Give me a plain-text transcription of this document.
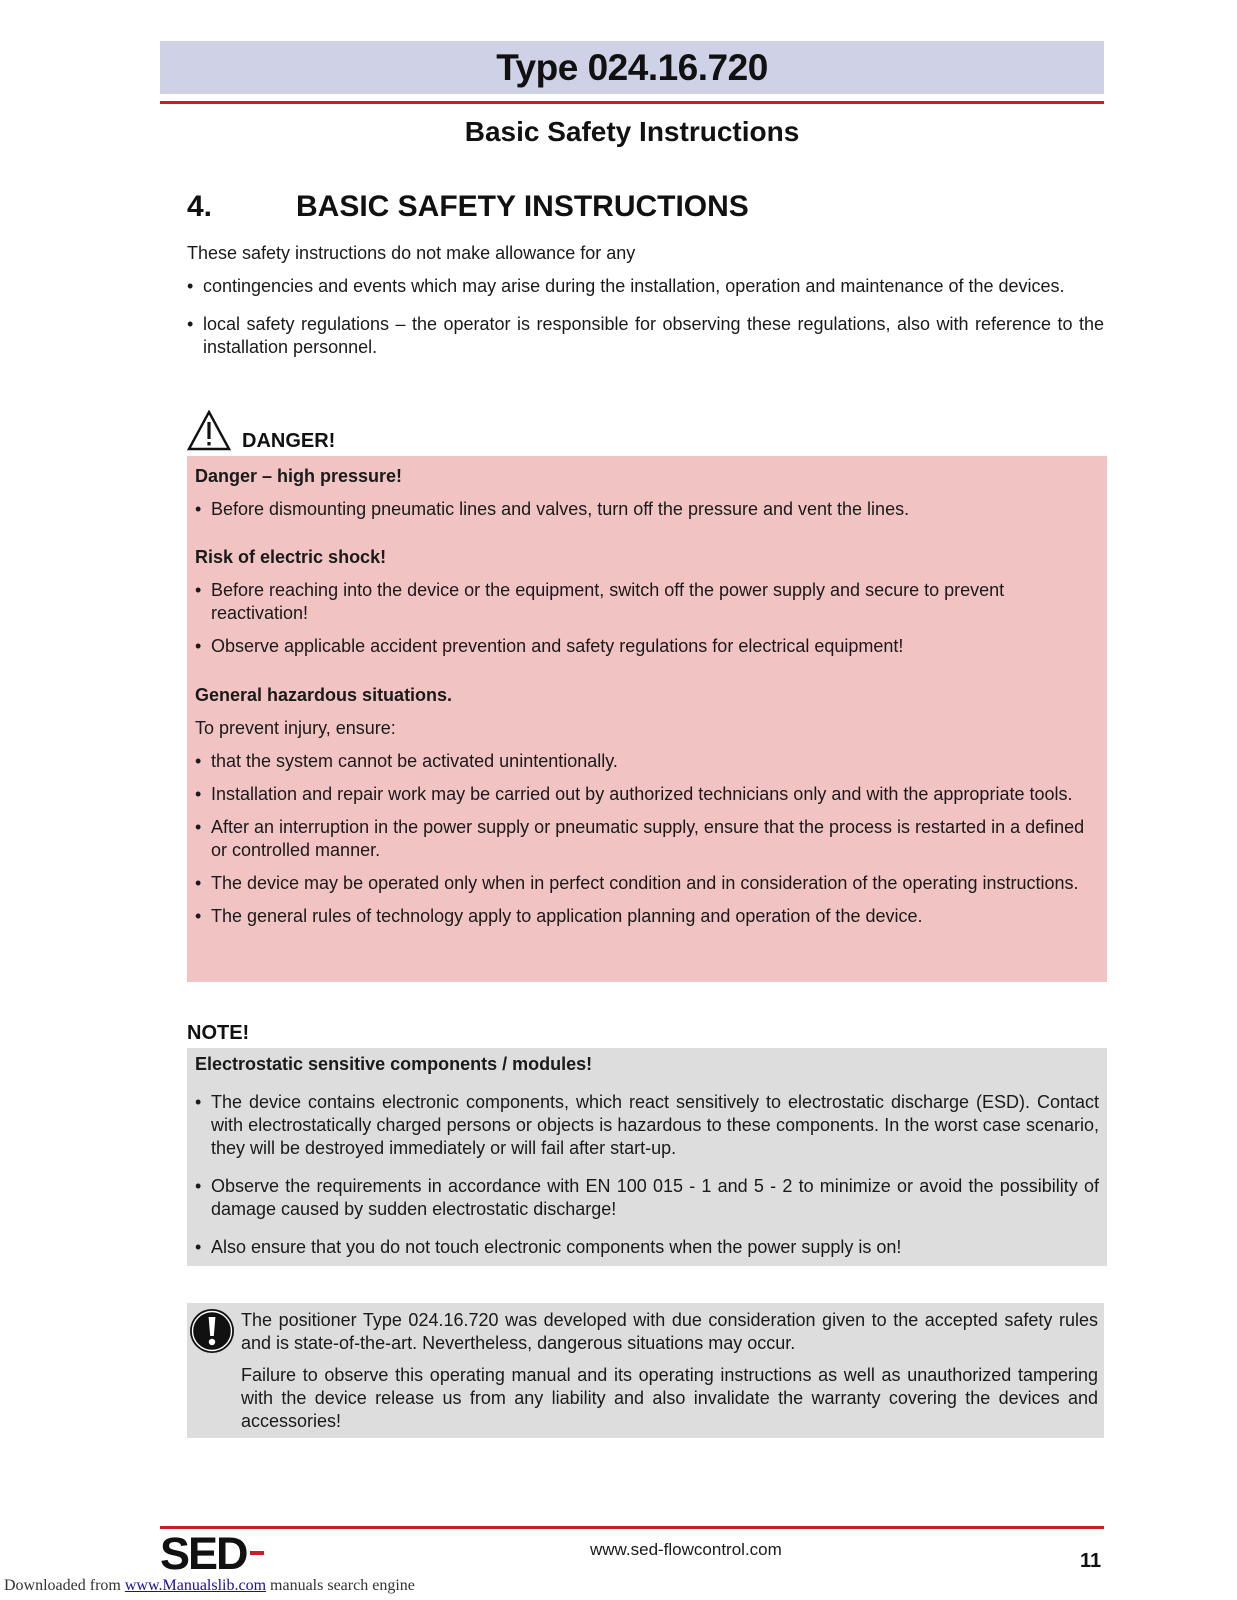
Type 024.16.720
Basic Safety Instructions
4.	BASIC SAFETY INSTRUCTIONS
These safety instructions do not make allowance for any
• contingencies and events which may arise during the installation, operation and maintenance of the devices.
• local safety regulations – the operator is responsible for observing these regulations, also with reference to the installation personnel.
DANGER!
Danger – high pressure!
• Before dismounting pneumatic lines and valves, turn off the pressure and vent the lines.
Risk of electric shock!
• Before reaching into the device or the equipment, switch off the power supply and secure to prevent reactivation!
• Observe applicable accident prevention and safety regulations for electrical equipment!
General hazardous situations.
To prevent injury, ensure:
• that the system cannot be activated unintentionally.
• Installation and repair work may be carried out by authorized technicians only and with the appropriate tools.
• After an interruption in the power supply or pneumatic supply, ensure that the process is restarted in a defined or controlled manner.
• The device may be operated only when in perfect condition and in consideration of the operating instructions.
• The general rules of technology apply to application planning and operation of the device.
NOTE!
Electrostatic sensitive components / modules!
• The device contains electronic components, which react sensitively to electrostatic discharge (ESD). Contact with electrostatically charged persons or objects is hazardous to these components. In the worst case scenario, they will be destroyed immediately or will fail after start-up.
• Observe the requirements in accordance with EN 100 015 - 1 and 5 - 2 to minimize or avoid the possibility of damage caused by sudden electrostatic discharge!
• Also ensure that you do not touch electronic components when the power supply is on!

The positioner Type 024.16.720 was developed with due consideration given to the accepted safety rules and is state-of-the-art. Nevertheless, dangerous situations may occur.

Failure to observe this operating manual and its operating instructions as well as unauthorized tampering with the device release us from any liability and also invalidate the warranty covering the devices and accessories!

SED	www.sed-flowcontrol.com
11
Downloaded from www.Manualslib.com manuals search engine
